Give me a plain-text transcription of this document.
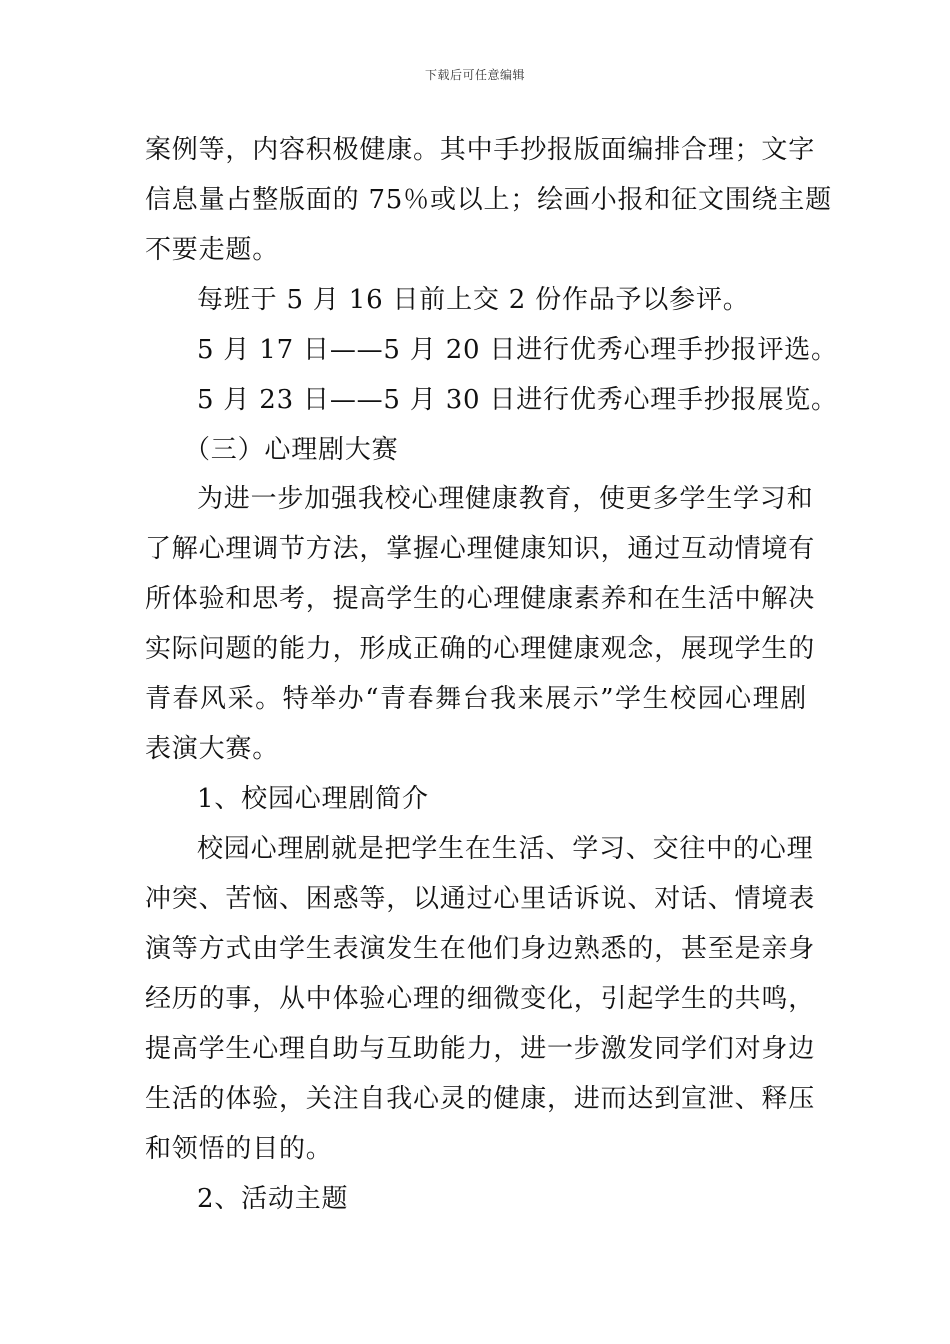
下载后可任意编辑

案例等，内容积极健康。其中手抄报版面编排合理；文字

信息量占整版面的 75％或以上；绘画小报和征文围绕主题

不要走题。

每班于 5 月 16 日前上交 2 份作品予以参评。

5 月 17 日——5 月 20 日进行优秀心理手抄报评选。

5 月 23 日——5 月 30 日进行优秀心理手抄报展览。

（三）心理剧大赛

为进一步加强我校心理健康教育，使更多学生学习和

了解心理调节方法，掌握心理健康知识，通过互动情境有

所体验和思考，提高学生的心理健康素养和在生活中解决

实际问题的能力，形成正确的心理健康观念，展现学生的

青春风采。特举办“青春舞台我来展示”学生校园心理剧

表演大赛。

1、校园心理剧简介

校园心理剧就是把学生在生活、学习、交往中的心理

冲突、苦恼、困惑等，以通过心里话诉说、对话、情境表

演等方式由学生表演发生在他们身边熟悉的，甚至是亲身

经历的事，从中体验心理的细微变化，引起学生的共鸣，

提高学生心理自助与互助能力，进一步激发同学们对身边

生活的体验，关注自我心灵的健康，进而达到宣泄、释压

和领悟的目的。

2、活动主题
